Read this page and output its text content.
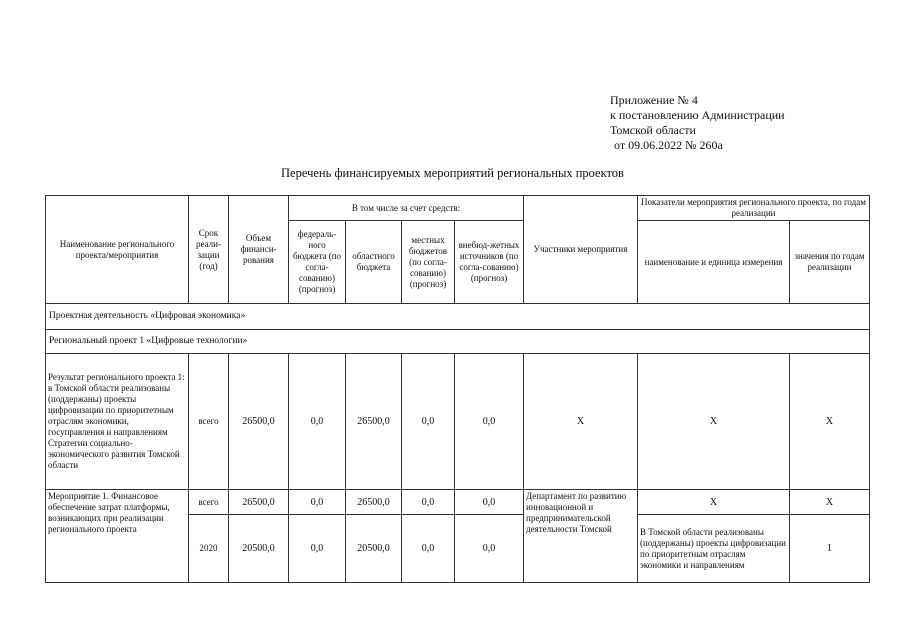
Приложение № 4
к постановлению Администрации
Томской области
от 09.06.2022 № 260а
Перечень финансируемых мероприятий региональных проектов
Наименование регионального проекта/мероприятия	Срок реали-зации (год)	Объем финанси-рования	В том числе за счет средств:				Участники мероприятия	Показатели мероприятия регионального проекта, по годам реализации	
			федераль-ного бюджета (по согла-сованию) (прогноз)	областного бюджета	местных бюджетов (по согла-сованию) (прогноз)	внебюд-жетных источников (по согла-сованию) (прогноз)		наименование и единица измерения	значения по годам реализации
Проектная деятельность «Цифровая экономика»									
Региональный проект 1 «Цифровые технологии»									
Результат регионального проекта 1: в Томской области реализованы (поддержаны) проекты цифровизации по приоритетным отраслям экономики, госуправления и направлениям Стратегии социально-экономического развития Томской области	всего	26500,0	0,0	26500,0	0,0	0,0	Х	Х	Х
Мероприятие 1. Финансовое обеспечение затрат платформы, возникающих при реализации регионального проекта	всего	26500,0	0,0	26500,0	0,0	0,0	Департамент по развитию инновационной и предпринимательской деятельности Томской	Х	Х
	2020	20500,0	0,0	20500,0	0,0	0,0		В Томской области реализованы (поддержаны) проекты цифровизации по приоритетным отраслям экономики и направлениям	1
